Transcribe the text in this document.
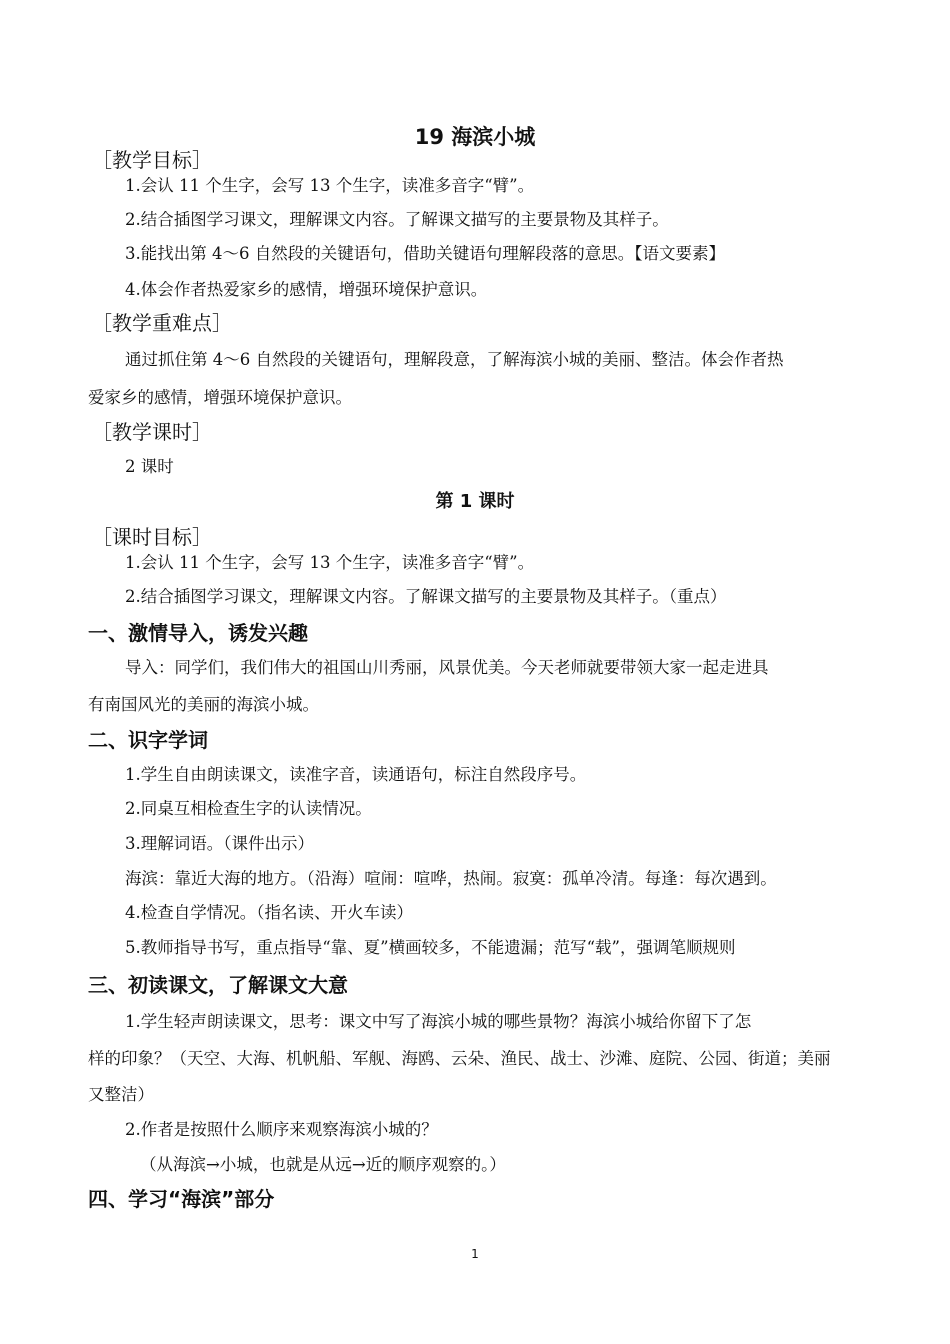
19 海滨小城
［教学目标］
1.会认 11 个生字，会写 13 个生字，读准多音字“臂”。
2.结合插图学习课文，理解课文内容。了解课文描写的主要景物及其样子。
3.能找出第 4～6 自然段的关键语句，借助关键语句理解段落的意思。【语文要素】
4.体会作者热爱家乡的感情，增强环境保护意识。
［教学重难点］
通过抓住第 4～6 自然段的关键语句，理解段意，了解海滨小城的美丽、整洁。体会作者热
爱家乡的感情，增强环境保护意识。
［教学课时］
2 课时
第 1 课时
［课时目标］
1.会认 11 个生字，会写 13 个生字，读准多音字“臂”。
2.结合插图学习课文，理解课文内容。了解课文描写的主要景物及其样子。（重点）
一、激情导入，诱发兴趣
导入：同学们，我们伟大的祖国山川秀丽，风景优美。今天老师就要带领大家一起走进具
有南国风光的美丽的海滨小城。
二、识字学词
1.学生自由朗读课文，读准字音，读通语句，标注自然段序号。
2.同桌互相检查生字的认读情况。
3.理解词语。（课件出示）
海滨：靠近大海的地方。（沿海）喧闹：喧哗，热闹。寂寞：孤单冷清。每逢：每次遇到。
4.检查自学情况。（指名读、开火车读）
5.教师指导书写，重点指导“靠、夏”横画较多，不能遗漏；范写“载”，强调笔顺规则
三、初读课文，了解课文大意
1.学生轻声朗读课文，思考：课文中写了海滨小城的哪些景物？海滨小城给你留下了怎
样的印象？（天空、大海、机帆船、军舰、海鸥、云朵、渔民、战士、沙滩、庭院、公园、街道；美丽
又整洁）
2.作者是按照什么顺序来观察海滨小城的？
（从海滨→小城，也就是从远→近的顺序观察的。）
四、学习“海滨”部分
1
